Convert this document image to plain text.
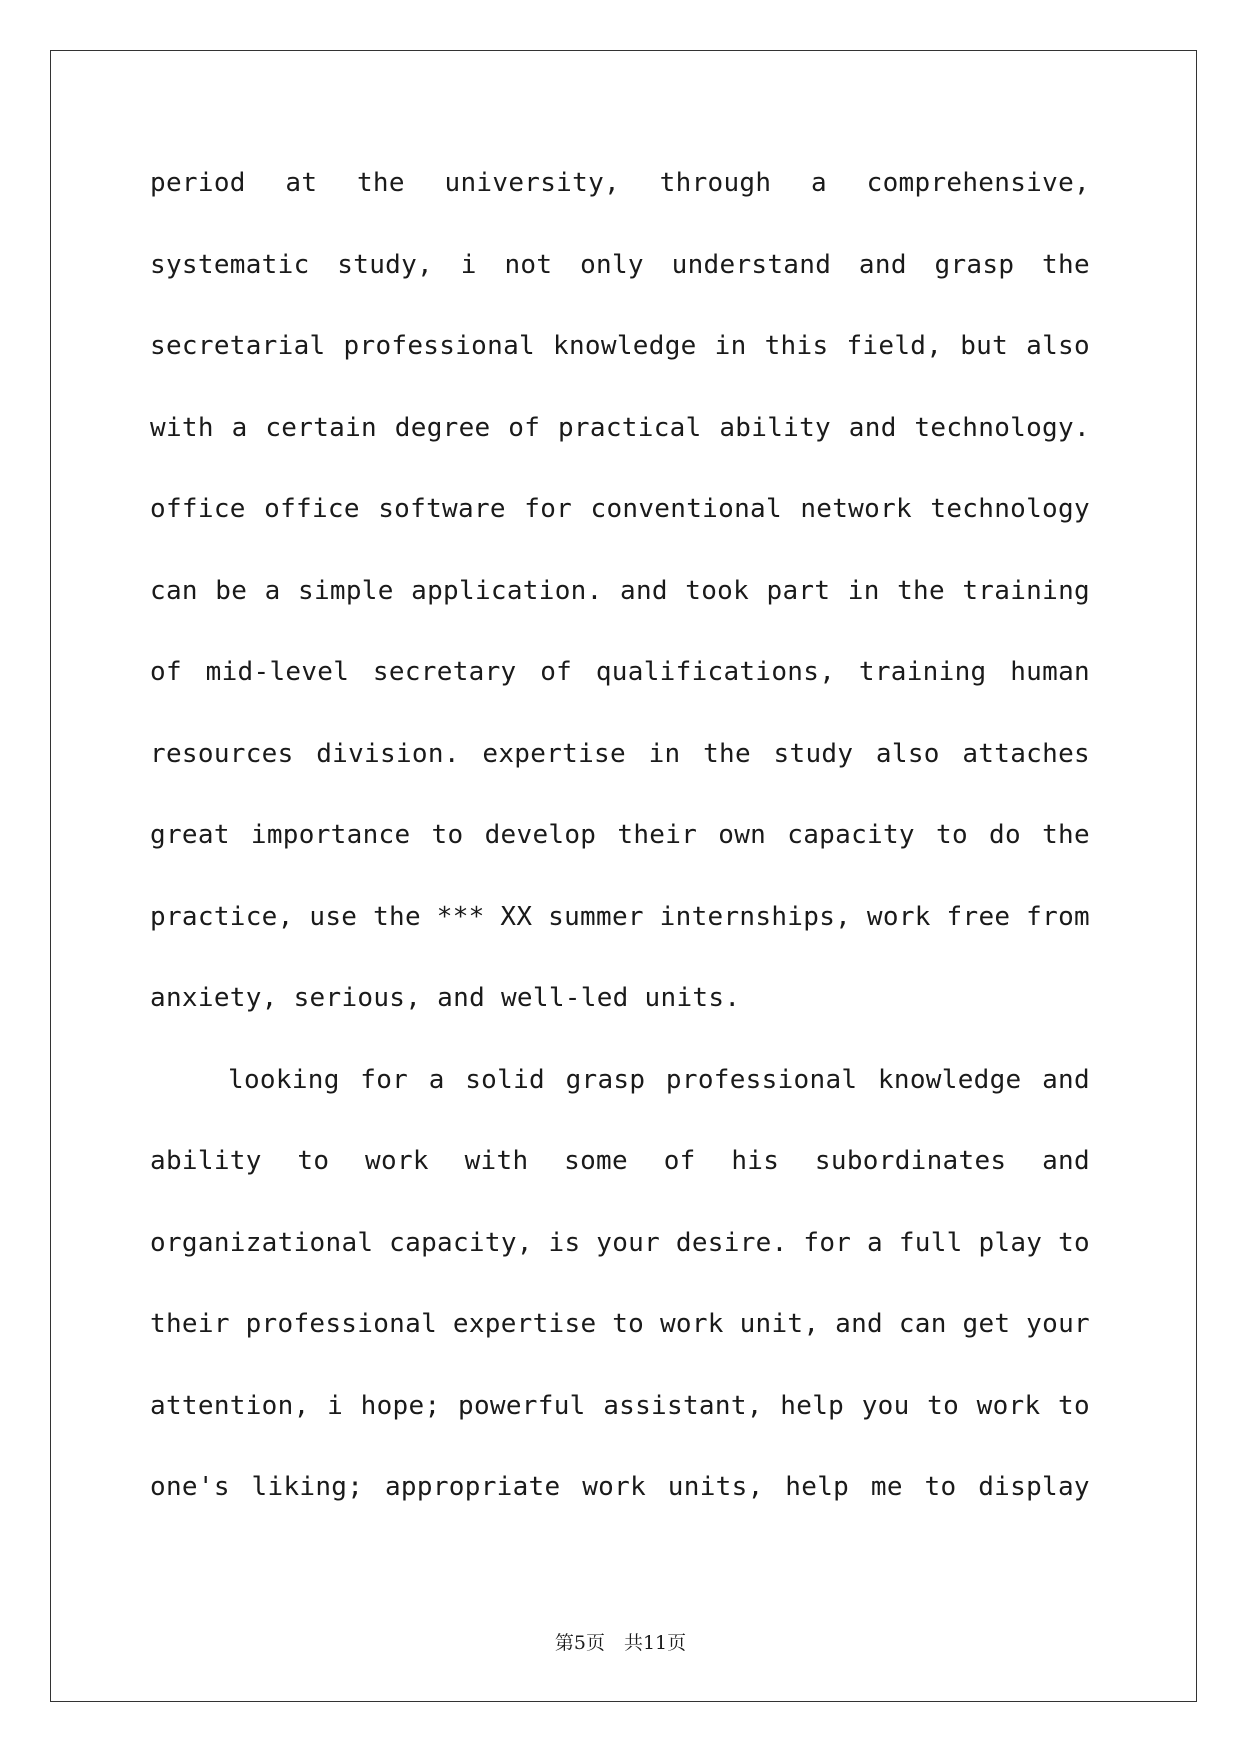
period at the university, through a comprehensive,
systematic study, i not only understand and grasp the
secretarial professional knowledge in this field, but also
with a certain degree of practical ability and technology.
office office software for conventional network technology
can be a simple application. and took part in the training
of mid-level secretary of qualifications, training human
resources division. expertise in the study also attaches
great importance to develop their own capacity to do the
practice, use the *** XX summer internships, work free from
anxiety, serious, and well-led units.
looking for a solid grasp professional knowledge and
ability to work with some of his subordinates and
organizational capacity, is your desire. for a full play to
their professional expertise to work unit, and can get your
attention, i hope; powerful assistant, help you to work to
one's liking; appropriate work units, help me to display
第5页　共11页
